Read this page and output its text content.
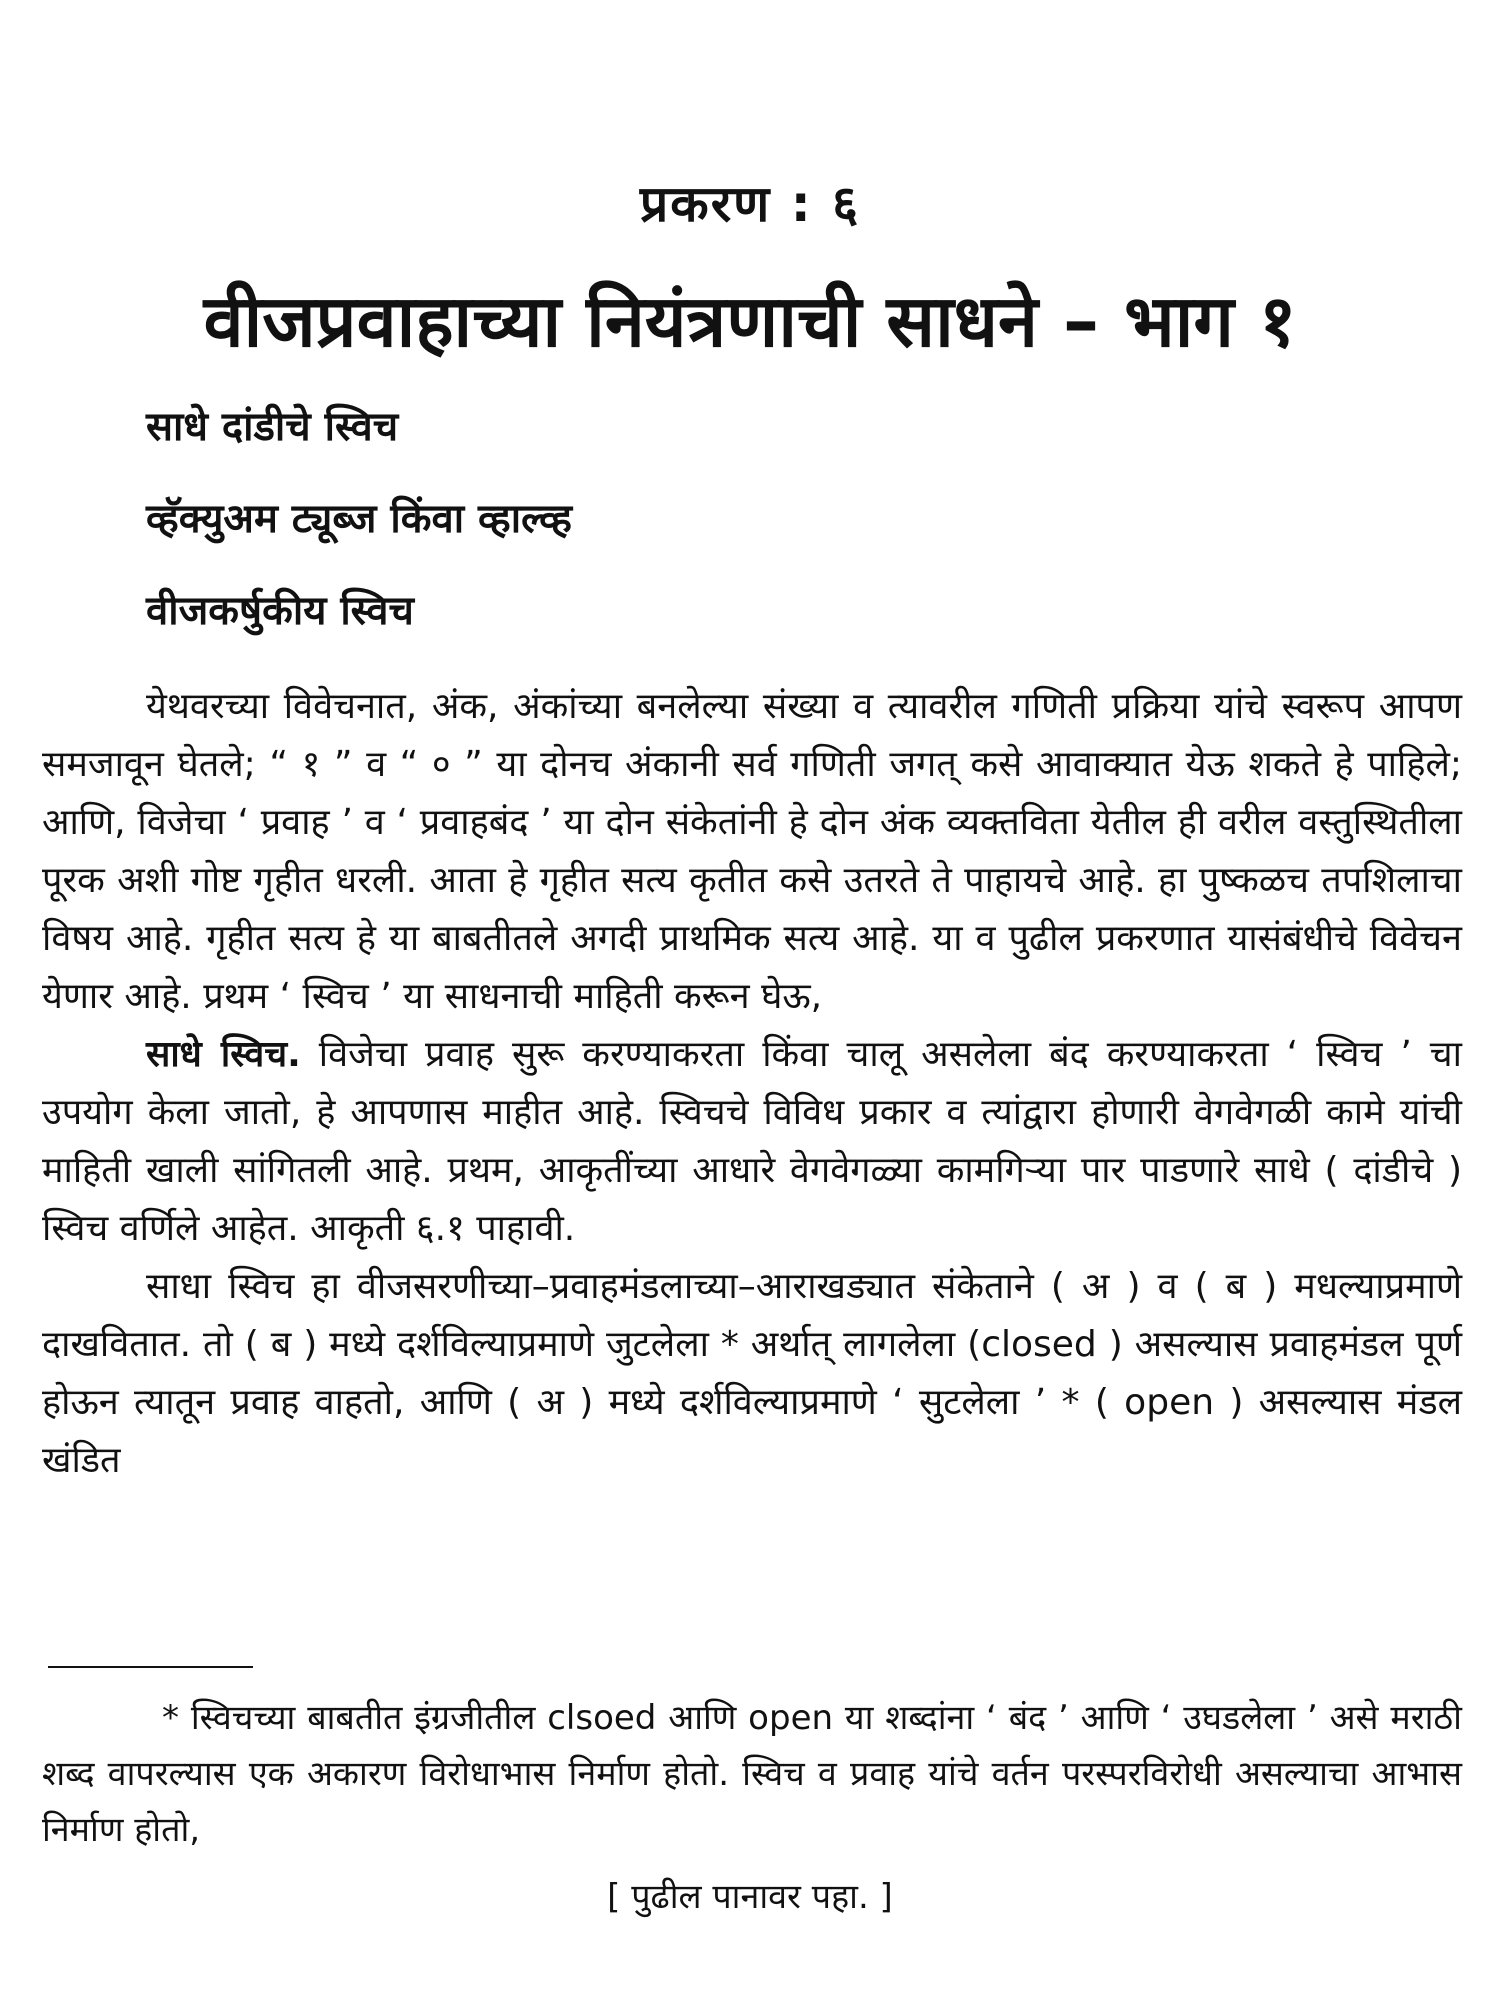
प्रकरण : ६
वीजप्रवाहाच्या नियंत्रणाची साधने – भाग १
साधे दांडीचे स्विच
व्हॅक्युअम ट्यूब्ज किंवा व्हाल्व्ह
वीजकर्षुकीय स्विच

येथवरच्या विवेचनात, अंक, अंकांच्या बनलेल्या संख्या व त्यावरील गणिती प्रक्रिया यांचे स्वरूप आपण समजावून घेतले; “ १ ” व “ ० ” या दोनच अंकानी सर्व गणिती जगत् कसे आवाक्यात येऊ शकते हे पाहिले; आणि, विजेचा ‘ प्रवाह ’ व ‘ प्रवाहबंद ’ या दोन संकेतांनी हे दोन अंक व्यक्तविता येतील ही वरील वस्तुस्थितीला पूरक अशी गोष्ट गृहीत धरली. आता हे गृहीत सत्य कृतीत कसे उतरते ते पाहायचे आहे. हा पुष्कळच तपशिलाचा विषय आहे. गृहीत सत्य हे या बाबतीतले अगदी प्राथमिक सत्य आहे. या व पुढील प्रकरणात यासंबंधीचे विवेचन येणार आहे. प्रथम ‘ स्विच ’ या साधनाची माहिती करून घेऊ,

साधे स्विच. विजेचा प्रवाह सुरू करण्याकरता किंवा चालू असलेला बंद करण्याकरता ‘ स्विच ’ चा उपयोग केला जातो, हे आपणास माहीत आहे. स्विचचे विविध प्रकार व त्यांद्वारा होणारी वेगवेगळी कामे यांची माहिती खाली सांगितली आहे. प्रथम, आकृतींच्या आधारे वेगवेगळ्या कामगिऱ्या पार पाडणारे साधे ( दांडीचे ) स्विच वर्णिले आहेत. आकृती ६.१ पाहावी.

साधा स्विच हा वीजसरणीच्या–प्रवाहमंडलाच्या–आराखड्यात संकेताने ( अ ) व ( ब ) मधल्याप्रमाणे दाखवितात. तो ( ब ) मध्ये दर्शविल्याप्रमाणे जुटलेला * अर्थात् लागलेला (closed ) असल्यास प्रवाहमंडल पूर्ण होऊन त्यातून प्रवाह वाहतो, आणि ( अ ) मध्ये दर्शविल्याप्रमाणे ‘ सुटलेला ’ * ( open ) असल्यास मंडल खंडित

* स्विचच्या बाबतीत इंग्रजीतील clsoed आणि open या शब्दांना ‘ बंद ’ आणि ‘ उघडलेला ’ असे मराठी शब्द वापरल्यास एक अकारण विरोधाभास निर्माण होतो. स्विच व प्रवाह यांचे वर्तन परस्परविरोधी असल्याचा आभास निर्माण होतो,

[ पुढील पानावर पहा. ]
